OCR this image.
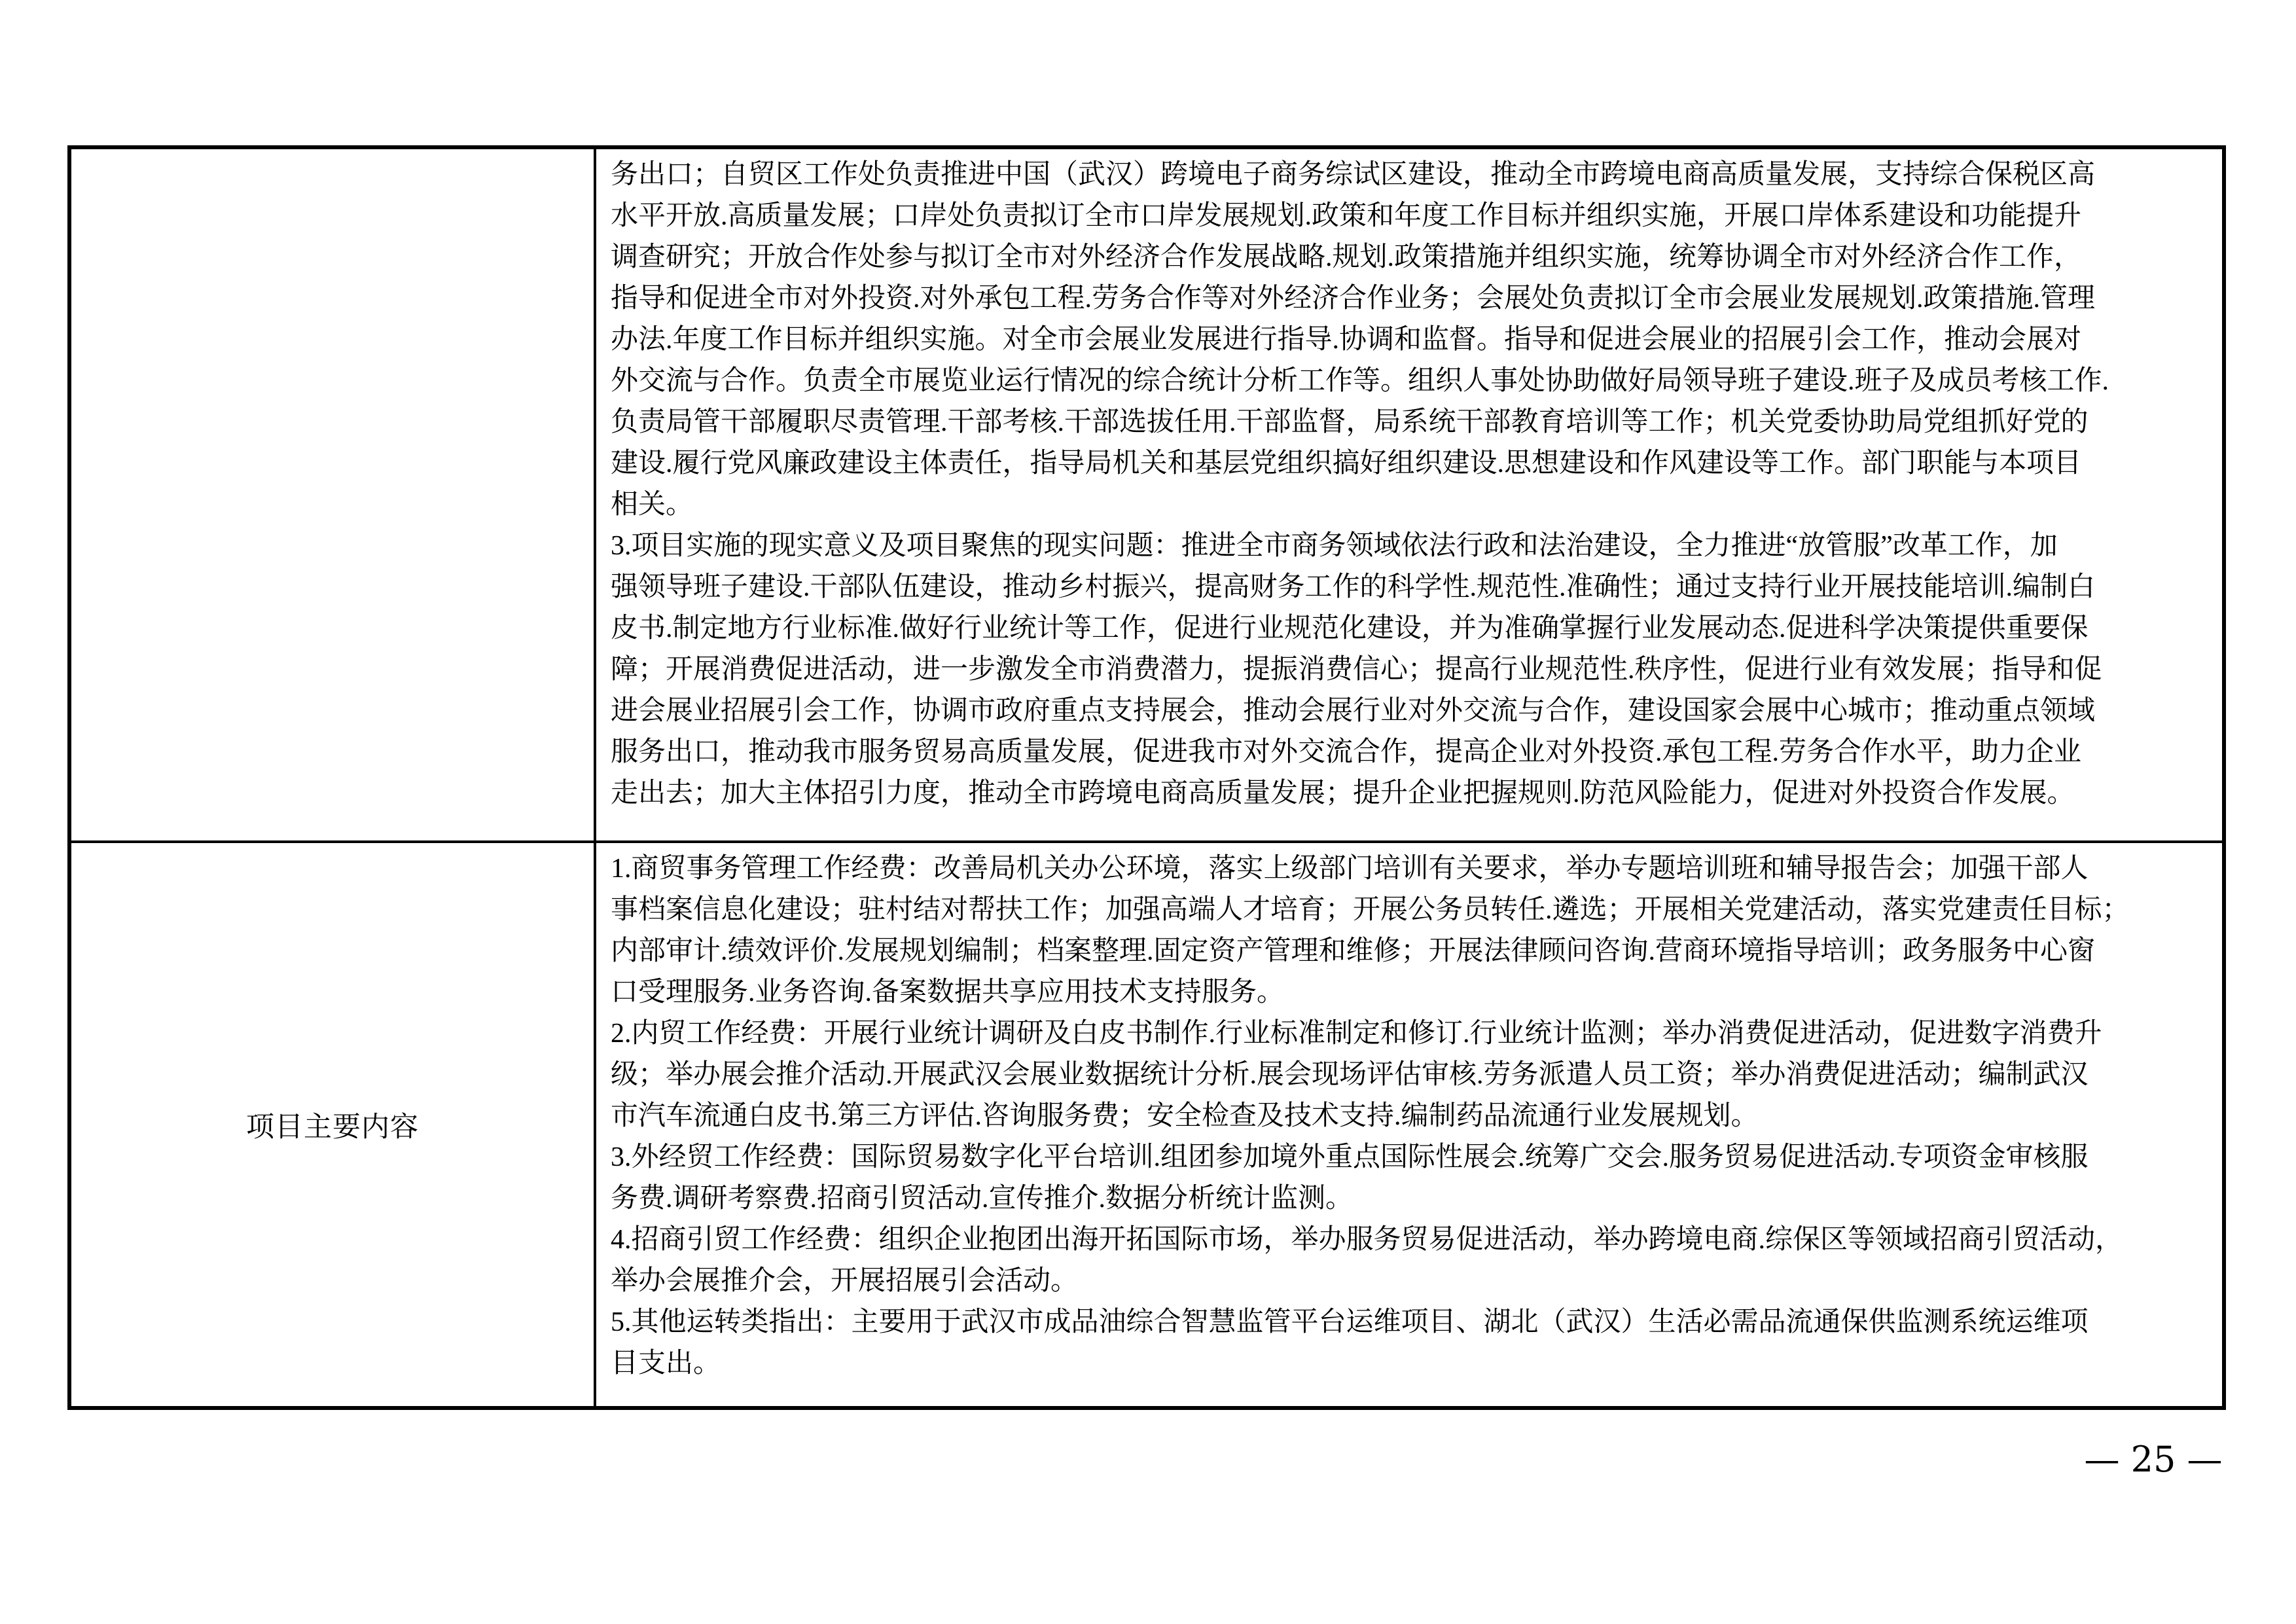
务出口；自贸区工作处负责推进中国（武汉）跨境电子商务综试区建设，推动全市跨境电商高质量发展，支持综合保税区高
水平开放.高质量发展；口岸处负责拟订全市口岸发展规划.政策和年度工作目标并组织实施，开展口岸体系建设和功能提升
调查研究；开放合作处参与拟订全市对外经济合作发展战略.规划.政策措施并组织实施，统筹协调全市对外经济合作工作，
指导和促进全市对外投资.对外承包工程.劳务合作等对外经济合作业务；会展处负责拟订全市会展业发展规划.政策措施.管理
办法.年度工作目标并组织实施。对全市会展业发展进行指导.协调和监督。指导和促进会展业的招展引会工作，推动会展对
外交流与合作。负责全市展览业运行情况的综合统计分析工作等。组织人事处协助做好局领导班子建设.班子及成员考核工作.
负责局管干部履职尽责管理.干部考核.干部选拔任用.干部监督，局系统干部教育培训等工作；机关党委协助局党组抓好党的
建设.履行党风廉政建设主体责任，指导局机关和基层党组织搞好组织建设.思想建设和作风建设等工作。部门职能与本项目
相关。
3.项目实施的现实意义及项目聚焦的现实问题：推进全市商务领域依法行政和法治建设，全力推进“放管服”改革工作，加
强领导班子建设.干部队伍建设，推动乡村振兴，提高财务工作的科学性.规范性.准确性；通过支持行业开展技能培训.编制白
皮书.制定地方行业标准.做好行业统计等工作，促进行业规范化建设，并为准确掌握行业发展动态.促进科学决策提供重要保
障；开展消费促进活动，进一步激发全市消费潜力，提振消费信心；提高行业规范性.秩序性，促进行业有效发展；指导和促
进会展业招展引会工作，协调市政府重点支持展会，推动会展行业对外交流与合作，建设国家会展中心城市；推动重点领域
服务出口，推动我市服务贸易高质量发展，促进我市对外交流合作，提高企业对外投资.承包工程.劳务合作水平，助力企业
走出去；加大主体招引力度，推动全市跨境电商高质量发展；提升企业把握规则.防范风险能力，促进对外投资合作发展。
项目主要内容
1.商贸事务管理工作经费：改善局机关办公环境，落实上级部门培训有关要求，举办专题培训班和辅导报告会；加强干部人
事档案信息化建设；驻村结对帮扶工作；加强高端人才培育；开展公务员转任.遴选；开展相关党建活动，落实党建责任目标；
内部审计.绩效评价.发展规划编制；档案整理.固定资产管理和维修；开展法律顾问咨询.营商环境指导培训；政务服务中心窗
口受理服务.业务咨询.备案数据共享应用技术支持服务。
2.内贸工作经费：开展行业统计调研及白皮书制作.行业标准制定和修订.行业统计监测；举办消费促进活动，促进数字消费升
级；举办展会推介活动.开展武汉会展业数据统计分析.展会现场评估审核.劳务派遣人员工资；举办消费促进活动；编制武汉
市汽车流通白皮书.第三方评估.咨询服务费；安全检查及技术支持.编制药品流通行业发展规划。
3.外经贸工作经费：国际贸易数字化平台培训.组团参加境外重点国际性展会.统筹广交会.服务贸易促进活动.专项资金审核服
务费.调研考察费.招商引贸活动.宣传推介.数据分析统计监测。
4.招商引贸工作经费：组织企业抱团出海开拓国际市场，举办服务贸易促进活动，举办跨境电商.综保区等领域招商引贸活动，
举办会展推介会，开展招展引会活动。
5.其他运转类指出：主要用于武汉市成品油综合智慧监管平台运维项目、湖北（武汉）生活必需品流通保供监测系统运维项
目支出。
— 25 —
